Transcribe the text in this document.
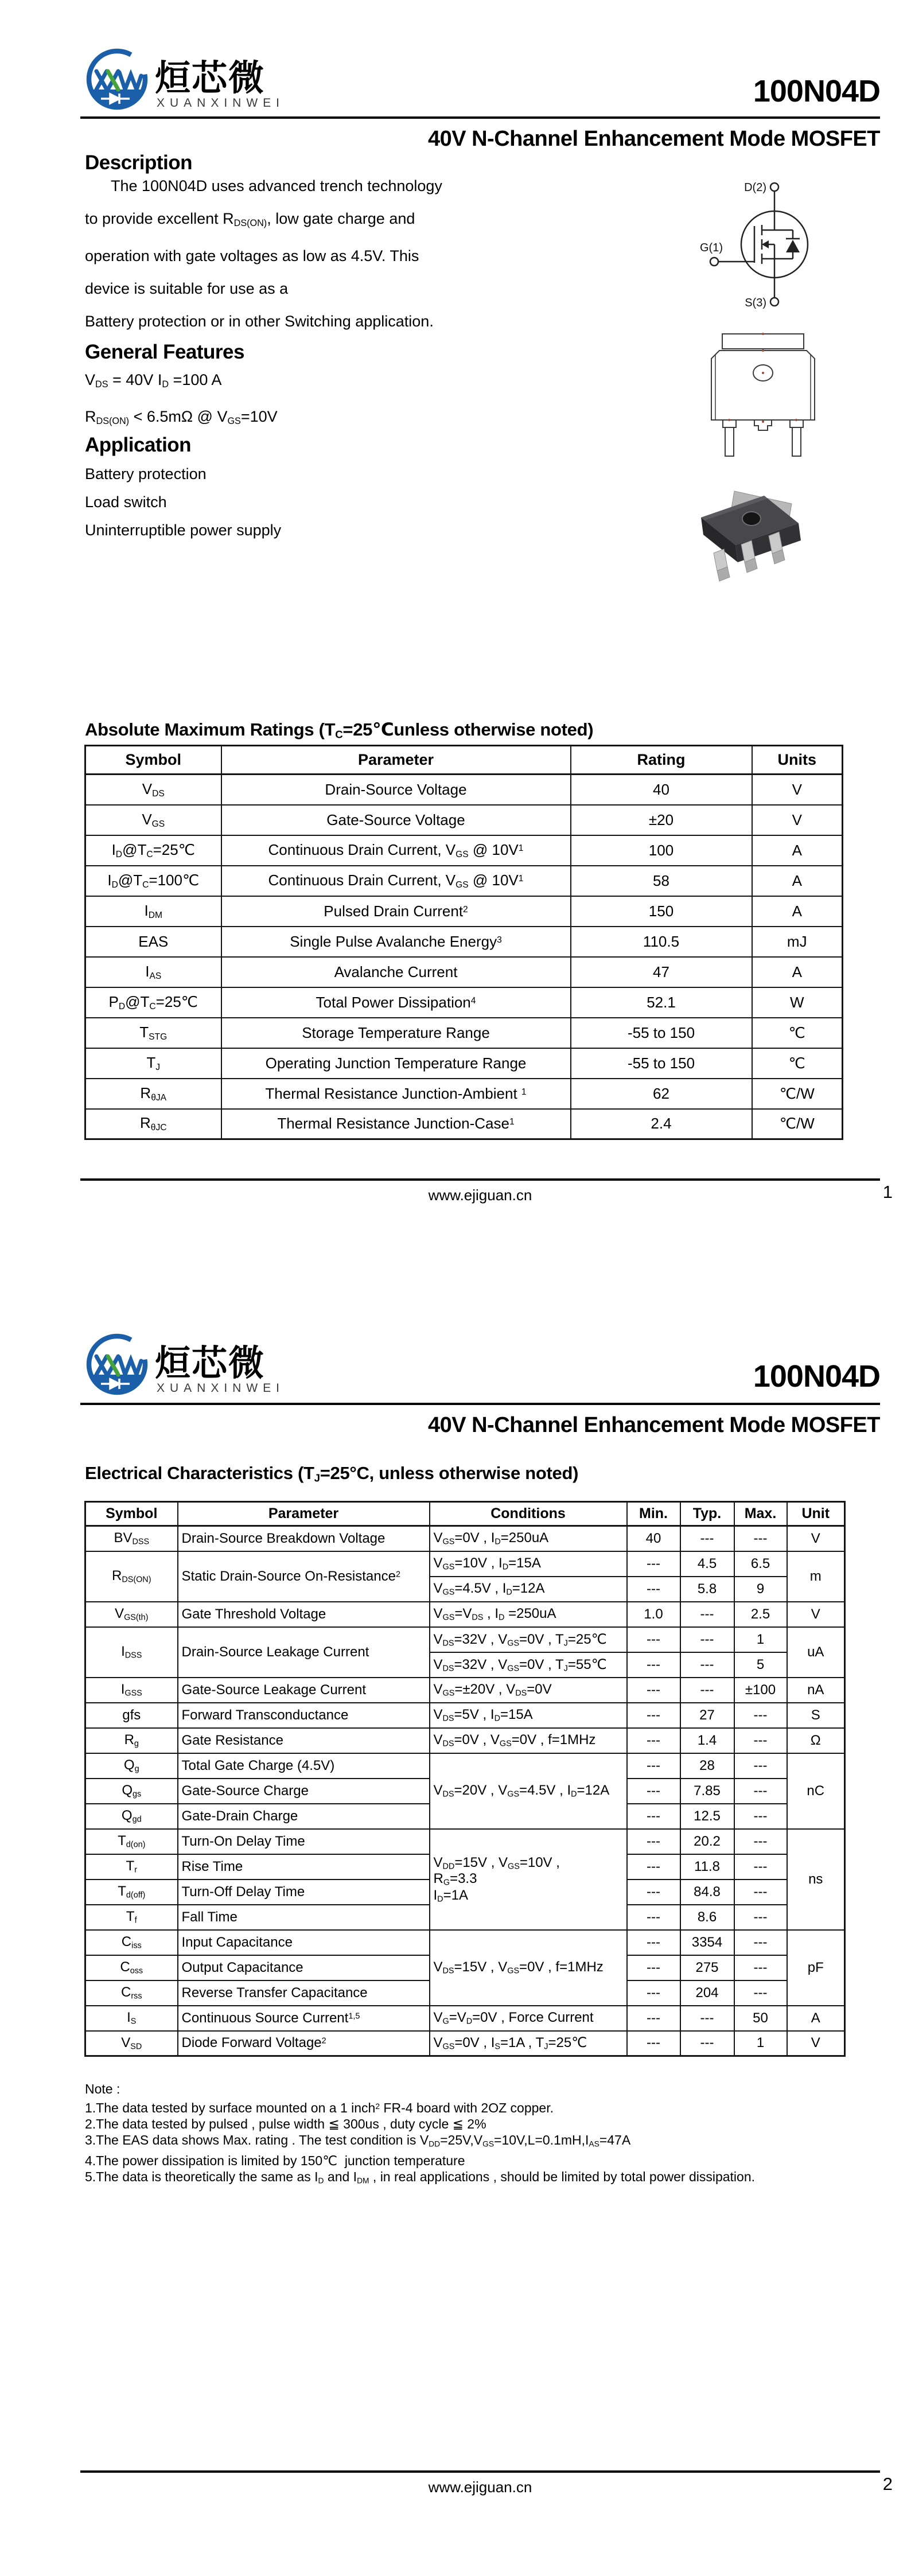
烜芯微
XUANXINWEI	100N04D
40V N-Channel Enhancement Mode MOSFET
Description
The 100N04D uses advanced trench technology
to provide excellent $R_{DS(ON)}$, low gate charge and
operation with gate voltages as low as 4.5V. This
device is suitable for use as a
Battery protection or in other Switching application.
General Features
$V_{DS} = 40V$ $I_D =100$ A
$R_{DS(ON)} < 6.5m\Omega$ @ $V_{GS}=10V$
Application
Battery protection
Load switch
Uninterruptible power supply
D(2)
G(1)
S(3)
Absolute Maximum Ratings ($T_C=25℃unless$ otherwise noted)
Symbol	Parameter	Rating	Units
$V_{DS}$	Drain-Source Voltage	40	V
$V_{GS}$	Gate-Source Voltage	±20	V
$I_D@T_C=25℃$	Continuous Drain Current, $V_{GS}$ @ $10V^1$	100	A
$I_D@T_C=100℃$	Continuous Drain Current, $V_{GS}$ @ $10V^1$	58	A
$I_{DM}$	Pulsed Drain Current$^2$	150	A
EAS	Single Pulse Avalanche Energy$^3$	110.5	mJ
$I_{AS}$	Avalanche Current	47	A
$P_D@T_C=25℃$	Total Power Dissipation$^4$	52.1	W
$T_{STG}$	Storage Temperature Range	-55 to 150	℃
$T_J$	Operating Junction Temperature Range	-55 to 150	℃
$R_{\theta JA}$	Thermal Resistance Junction-Ambient $^1$	62	℃/W
$R_{\theta JC}$	Thermal Resistance Junction-Case$^1$	2.4	℃/W
www.ejiguan.cn	1
烜芯微
XUANXINWEI	100N04D
40V N-Channel Enhancement Mode MOSFET
Electrical Characteristics ($T_J=25^\circ C$, unless otherwise noted)
Symbol	Parameter	Conditions	Min.	Typ.	Max.	Unit
$BV_{DSS}$	Drain-Source Breakdown Voltage	$V_{GS}=0V$ , $I_D=250uA$	40	---	---	V
$R_{DS(ON)}$	Static Drain-Source On-Resistance$^2$	$V_{GS}=10V$ , $I_D=15A$	---	4.5	6.5	m
		$V_{GS}=4.5V$ , $I_D=12A$	---	5.8	9	
$V_{GS(th)}$	Gate Threshold Voltage	$V_{GS}=V_{DS}$ , $I_D =250uA$	1.0	---	2.5	V
$I_{DSS}$	Drain-Source Leakage Current	$V_{DS}=32V$ , $V_{GS}=0V$ , $T_J=25℃$	---	---	1	uA
		$V_{DS}=32V$ , $V_{GS}=0V$ , $T_J=55℃$	---	---	5	
$I_{GSS}$	Gate-Source Leakage Current	$V_{GS}=\pm 20V$ , $V_{DS}=0V$	---	---	±100	nA
gfs	Forward Transconductance	$V_{DS}=5V$ , $I_D=15A$	---	27	---	S
$R_g$	Gate Resistance	$V_{DS}=0V$ , $V_{GS}=0V$ , f=1MHz	---	1.4	---	Ω
$Q_g$	Total Gate Charge (4.5V)	$V_{DS}=20V$ , $V_{GS}=4.5V$ , $I_D=12A$	---	28	---	nC
$Q_{gs}$	Gate-Source Charge		---	7.85	---	
$Q_{gd}$	Gate-Drain Charge		---	12.5	---	
$T_{d(on)}$	Turn-On Delay Time	$V_{DD}=15V$ , $V_{GS}=10V$ ,
$R_G=3.3$
$I_D=1A$	---	20.2	---	ns
$T_r$	Rise Time		---	11.8	---	
$T_{d(off)}$	Turn-Off Delay Time		---	84.8	---	
$T_f$	Fall Time		---	8.6	---	
$C_{iss}$	Input Capacitance	$V_{DS}=15V$ , $V_{GS}=0V$ , f=1MHz	---	3354	---	pF
$C_{oss}$	Output Capacitance		---	275	---	
$C_{rss}$	Reverse Transfer Capacitance		---	204	---	
$I_S$	Continuous Source Current$^{1,5}$	$V_G=V_D=0V$ , Force Current	---	---	50	A
$V_{SD}$	Diode Forward Voltage$^2$	$V_{GS}=0V$ , $I_S=1A$ , $T_J=25℃$	---	---	1	V
Note :
1.The data tested by surface mounted on a 1 inch$^2$ FR-4 board with 2OZ copper.
2.The data tested by pulsed , pulse width ≦ 300us , duty cycle ≦ 2%
3.The EAS data shows Max. rating . The test condition is $V_{DD}=25V,V_{GS}=10V,L=0.1mH,I_{AS}=47A$
4.The power dissipation is limited by 150℃  junction temperature
5.The data is theoretically the same as $I_D$ and $I_{DM}$ , in real applications , should be limited by total power dissipation.
www.ejiguan.cn	2
